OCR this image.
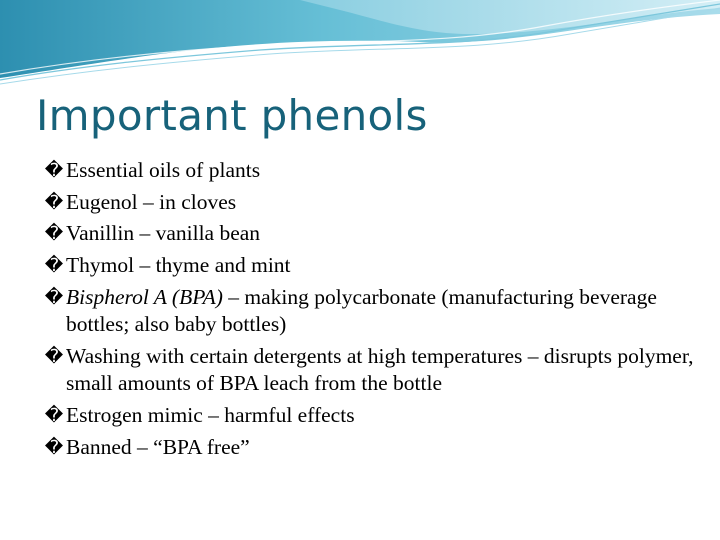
Important phenols
� Essential oils of plants
� Eugenol – in cloves
� Vanillin – vanilla bean
� Thymol – thyme and mint
� Bispherol A (BPA) – making polycarbonate (manufacturing beverage bottles; also baby bottles)
� Washing with certain detergents at high temperatures – disrupts polymer, small amounts of BPA leach from the bottle
� Estrogen mimic – harmful effects
� Banned – “BPA free”
